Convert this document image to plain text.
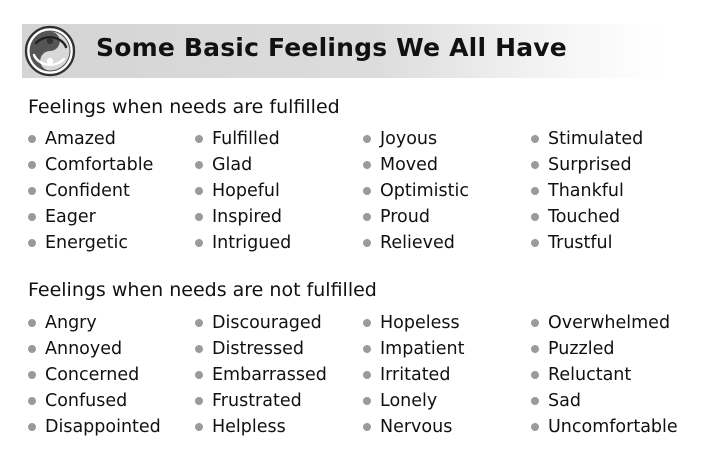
Some Basic Feelings We All Have
Feelings when needs are fulfilled
Amazed
Comfortable
Confident
Eager
Energetic
Fulfilled
Glad
Hopeful
Inspired
Intrigued
Joyous
Moved
Optimistic
Proud
Relieved
Stimulated
Surprised
Thankful
Touched
Trustful
Feelings when needs are not fulfilled
Angry
Annoyed
Concerned
Confused
Disappointed
Discouraged
Distressed
Embarrassed
Frustrated
Helpless
Hopeless
Impatient
Irritated
Lonely
Nervous
Overwhelmed
Puzzled
Reluctant
Sad
Uncomfortable
